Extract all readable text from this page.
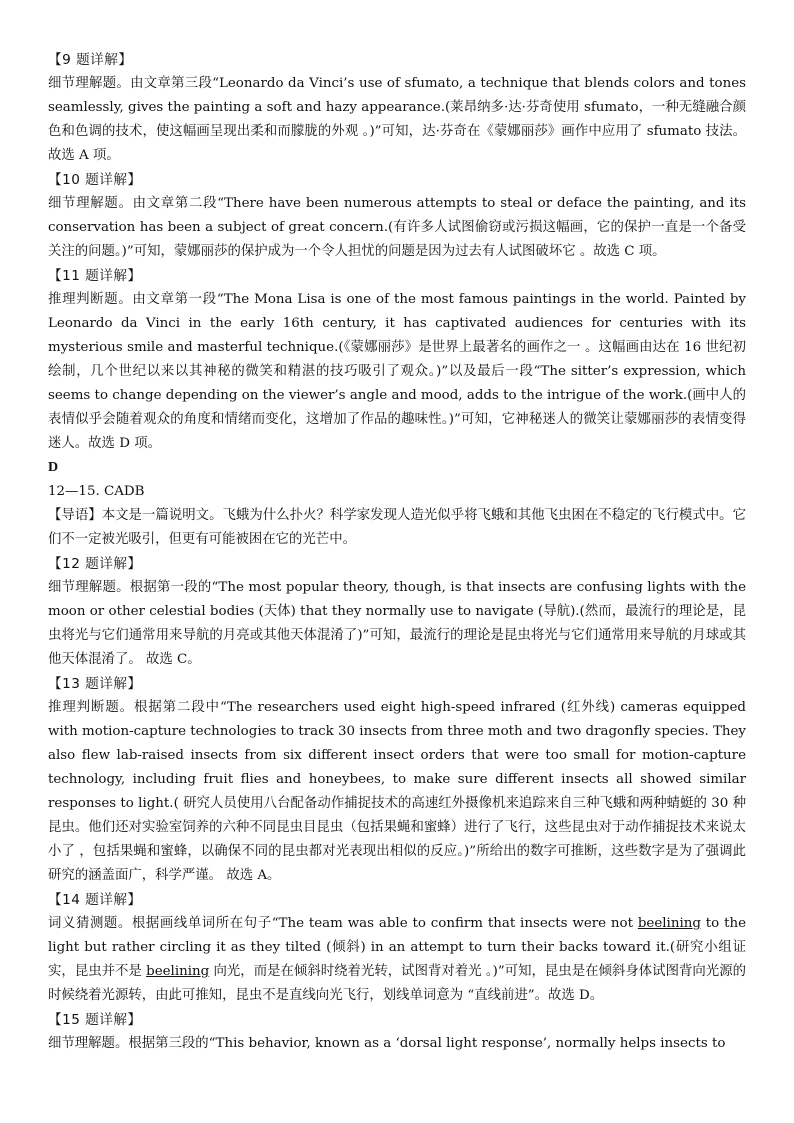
【9 题详解】

细节理解题。由文章第三段“Leonardo da Vinci’s use of sfumato, a technique that blends colors and tones seamlessly, gives the painting a soft and hazy appearance.(莱昂纳多·达·芬奇使用 sfumato，一种无缝融合颜色和色调的技术，使这幅画呈现出柔和而朦胧的外观 。)”可知，达·芬奇在《蒙娜丽莎》画作中应用了 sfumato 技法。故选 A 项。

【10 题详解】

细节理解题。由文章第二段“There have been numerous attempts to steal or deface the painting, and its conservation has been a subject of great concern.(有许多人试图偷窃或污损这幅画，它的保护一直是一个备受关注的问题。)”可知，蒙娜丽莎的保护成为一个令人担忧的问题是因为过去有人试图破坏它 。故选 C 项。

【11 题详解】

推理判断题。由文章第一段“The Mona Lisa is one of the most famous paintings in the world. Painted by Leonardo da Vinci in the early 16th century, it has captivated audiences for centuries with its mysterious smile and masterful technique.(《蒙娜丽莎》是世界上最著名的画作之一 。这幅画由达在 16 世纪初绘制，几个世纪以来以其神秘的微笑和精湛的技巧吸引了观众。)”以及最后一段“The sitter’s expression, which seems to change depending on the viewer’s angle and mood, adds to the intrigue of the work.(画中人的表情似乎会随着观众的角度和情绪而变化，这增加了作品的趣味性。)”可知，它神秘迷人的微笑让蒙娜丽莎的表情变得迷人。故选 D 项。

D

12—15. CADB

【导语】本文是一篇说明文。飞蛾为什么扑火？科学家发现人造光似乎将飞蛾和其他飞虫困在不稳定的飞行模式中。它们不一定被光吸引，但更有可能被困在它的光芒中。

【12 题详解】

细节理解题。根据第一段的“The most popular theory, though, is that insects are confusing lights with the moon or other celestial bodies (天体) that they normally use to navigate (导航).(然而，最流行的理论是，昆虫将光与它们通常用来导航的月亮或其他天体混淆了)”可知，最流行的理论是昆虫将光与它们通常用来导航的月球或其他天体混淆了。 故选 C。

【13 题详解】

推理判断题。根据第二段中“The researchers used eight high-speed infrared (红外线) cameras equipped with motion-capture technologies to track 30 insects from three moth and two dragonfly species. They also flew lab-raised insects from six different insect orders that were too small for motion-capture technology, including fruit flies and honeybees, to make sure different insects all showed similar responses to light.( 研究人员使用八台配备动作捕捉技术的高速红外摄像机来追踪来自三种飞蛾和两种蜻蜓的 30 种昆虫。他们还对实验室饲养的六种不同昆虫目昆虫（包括果蝇和蜜蜂）进行了飞行，这些昆虫对于动作捕捉技术来说太小了 ，包括果蝇和蜜蜂，以确保不同的昆虫都对光表现出相似的反应。)”所给出的数字可推断，这些数字是为了强调此研究的涵盖面广，科学严谨。 故选 A。

【14 题详解】

词义猜测题。根据画线单词所在句子“The team was able to confirm that insects were not beelining to the light but rather circling it as they tilted (倾斜) in an attempt to turn their backs toward it.(研究小组证实，昆虫并不是 beelining 向光，而是在倾斜时绕着光转，试图背对着光 。)”可知，昆虫是在倾斜身体试图背向光源的时候绕着光源转，由此可推知，昆虫不是直线向光飞行，划线单词意为 “直线前进”。故选 D。

【15 题详解】

细节理解题。根据第三段的“This behavior, known as a ‘dorsal light response’, normally helps insects to
